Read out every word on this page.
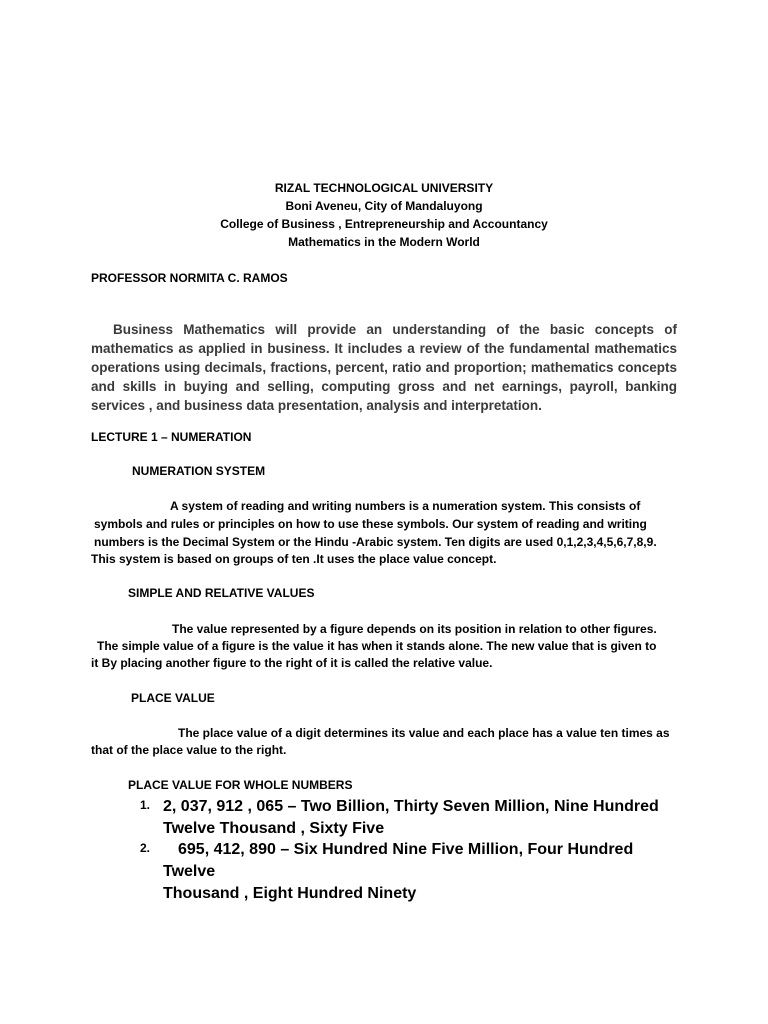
RIZAL TECHNOLOGICAL UNIVERSITY
Boni Aveneu, City of Mandaluyong
College of Business , Entrepreneurship and Accountancy
Mathematics in the Modern World
PROFESSOR NORMITA C. RAMOS
Business Mathematics will provide an understanding of the basic concepts of mathematics as applied in business. It includes a review of the fundamental mathematics operations using decimals, fractions, percent, ratio and proportion; mathematics concepts and skills in buying and selling, computing gross and net earnings, payroll, banking services , and business data presentation, analysis and interpretation.
LECTURE 1 – NUMERATION
NUMERATION SYSTEM
A system of reading and writing numbers is a numeration system. This consists of
symbols and rules or principles on how to use these symbols. Our system of reading and writing
numbers is the Decimal System or the Hindu -Arabic system. Ten digits are used 0,1,2,3,4,5,6,7,8,9.
This system is based on groups of ten .It uses the place value concept.
SIMPLE AND RELATIVE VALUES
The value represented by a figure depends on its position in relation to other figures.
The simple value of a figure is the value it has when it stands alone. The new value that is given to
it By placing another figure to the right of it is called the relative value.
PLACE VALUE
The place value of a digit determines its value and each place has a value ten times as
that of the place value to the right.
PLACE VALUE FOR WHOLE NUMBERS
1. 2, 037, 912 , 065 – Two Billion, Thirty Seven Million, Nine Hundred
Twelve Thousand , Sixty Five
2. 695, 412, 890 – Six Hundred Nine Five Million, Four Hundred
Twelve
Thousand , Eight Hundred Ninety
